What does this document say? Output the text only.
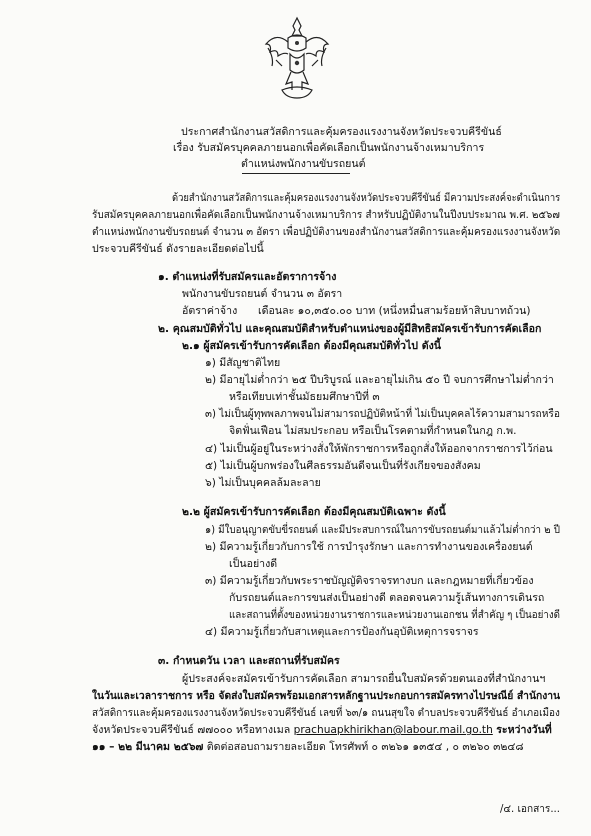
ประกาศสำนักงานสวัสดิการและคุ้มครองแรงงานจังหวัดประจวบคีรีขันธ์
เรื่อง รับสมัครบุคคลภายนอกเพื่อคัดเลือกเป็นพนักงานจ้างเหมาบริการ
ตำแหน่งพนักงานขับรถยนต์
ด้วยสำนักงานสวัสดิการและคุ้มครองแรงงานจังหวัดประจวบคีรีขันธ์ มีความประสงค์จะดำเนินการ
รับสมัครบุคคลภายนอกเพื่อคัดเลือกเป็นพนักงานจ้างเหมาบริการ สำหรับปฏิบัติงานในปีงบประมาณ พ.ศ. ๒๕๖๗
ตำแหน่งพนักงานขับรถยนต์ จำนวน ๓ อัตรา เพื่อปฏิบัติงานของสำนักงานสวัสดิการและคุ้มครองแรงงานจังหวัด
ประจวบคีรีขันธ์ ดังรายละเอียดต่อไปนี้
๑. ตำแหน่งที่รับสมัครและอัตราการจ้าง
พนักงานขับรถยนต์ จำนวน ๓ อัตรา
อัตราค่าจ้าง เดือนละ ๑๐,๓๕๐.๐๐ บาท (หนึ่งหมื่นสามร้อยห้าสิบบาทถ้วน)
๒. คุณสมบัติทั่วไป และคุณสมบัติสำหรับตำแหน่งของผู้มีสิทธิสมัครเข้ารับการคัดเลือก
๒.๑ ผู้สมัครเข้ารับการคัดเลือก ต้องมีคุณสมบัติทั่วไป ดังนี้
๑) มีสัญชาติไทย
๒) มีอายุไม่ต่ำกว่า ๒๕ ปีบริบูรณ์ และอายุไม่เกิน ๕๐ ปี จบการศึกษาไม่ต่ำกว่า
หรือเทียบเท่าชั้นมัธยมศึกษาปีที่ ๓
๓) ไม่เป็นผู้ทุพพลภาพจนไม่สามารถปฏิบัติหน้าที่ ไม่เป็นบุคคลไร้ความสามารถหรือ
จิตฟั่นเฟือน ไม่สมประกอบ หรือเป็นโรคตามที่กำหนดในกฎ ก.พ.
๔) ไม่เป็นผู้อยู่ในระหว่างสั่งให้พักราชการหรือถูกสั่งให้ออกจากราชการไว้ก่อน
๕) ไม่เป็นผู้บกพร่องในศีลธรรมอันดีจนเป็นที่รังเกียจของสังคม
๖) ไม่เป็นบุคคลล้มละลาย
๒.๒ ผู้สมัครเข้ารับการคัดเลือก ต้องมีคุณสมบัติเฉพาะ ดังนี้
๑) มีใบอนุญาตขับขี่รถยนต์ และมีประสบการณ์ในการขับรถยนต์มาแล้วไม่ต่ำกว่า ๒ ปี
๒) มีความรู้เกี่ยวกับการใช้ การบำรุงรักษา และการทำงานของเครื่องยนต์
เป็นอย่างดี
๓) มีความรู้เกี่ยวกับพระราชบัญญัติจราจรทางบก และกฎหมายที่เกี่ยวข้อง
กับรถยนต์และการขนส่งเป็นอย่างดี ตลอดจนความรู้เส้นทางการเดินรถ
และสถานที่ตั้งของหน่วยงานราชการและหน่วยงานเอกชน ที่สำคัญ ๆ เป็นอย่างดี
๔) มีความรู้เกี่ยวกับสาเหตุและการป้องกันอุบัติเหตุการจราจร
๓. กำหนดวัน เวลา และสถานที่รับสมัคร
ผู้ประสงค์จะสมัครเข้ารับการคัดเลือก สามารถยื่นใบสมัครด้วยตนเองที่สำนักงานฯ
ในวันและเวลาราชการ หรือ จัดส่งใบสมัครพร้อมเอกสารหลักฐานประกอบการสมัครทางไปรษณีย์ สำนักงาน
สวัสดิการและคุ้มครองแรงงานจังหวัดประจวบคีรีขันธ์ เลขที่ ๖๓/๑ ถนนสุขใจ ตำบลประจวบคีรีขันธ์ อำเภอเมือง
จังหวัดประจวบคีรีขันธ์ ๗๗๐๐๐ หรือทางเมล prachuapkhirikhan@labour.mail.go.th ระหว่างวันที่
๑๑ – ๒๒ มีนาคม ๒๕๖๗ ติดต่อสอบถามรายละเอียด โทรศัพท์ ๐ ๓๒๖๑ ๑๓๕๔ , ๐ ๓๒๖๐ ๓๒๔๘
/๔. เอกสาร...
